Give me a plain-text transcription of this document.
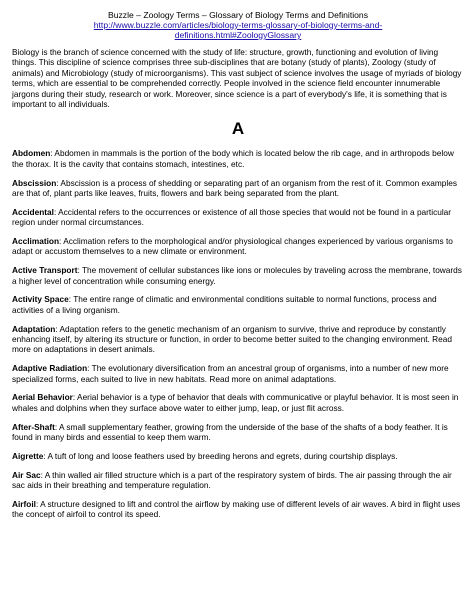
Buzzle – Zoology Terms – Glossary of Biology Terms and Definitions
http://www.buzzle.com/articles/biology-terms-glossary-of-biology-terms-and-
definitions.html#ZoologyGlossary

Biology is the branch of science concerned with the study of life: structure, growth, functioning and evolution of living things. This discipline of science comprises three sub-disciplines that are botany (study of plants), Zoology (study of animals) and Microbiology (study of microorganisms). This vast subject of science involves the usage of myriads of biology terms, which are essential to be comprehended correctly. People involved in the science field encounter innumerable jargons during their study, research or work. Moreover, since science is a part of everybody's life, it is something that is important to all individuals.

A

Abdomen: Abdomen in mammals is the portion of the body which is located below the rib cage, and in arthropods below the thorax. It is the cavity that contains stomach, intestines, etc.

Abscission: Abscission is a process of shedding or separating part of an organism from the rest of it. Common examples are that of, plant parts like leaves, fruits, flowers and bark being separated from the plant.

Accidental: Accidental refers to the occurrences or existence of all those species that would not be found in a particular region under normal circumstances.

Acclimation: Acclimation refers to the morphological and/or physiological changes experienced by various organisms to adapt or accustom themselves to a new climate or environment.

Active Transport: The movement of cellular substances like ions or molecules by traveling across the membrane, towards a higher level of concentration while consuming energy.

Activity Space: The entire range of climatic and environmental conditions suitable to normal functions, process and activities of a living organism.

Adaptation: Adaptation refers to the genetic mechanism of an organism to survive, thrive and reproduce by constantly enhancing itself, by altering its structure or function, in order to become better suited to the changing environment. Read more on adaptations in desert animals.

Adaptive Radiation: The evolutionary diversification from an ancestral group of organisms, into a number of new more specialized forms, each suited to live in new habitats. Read more on animal adaptations.

Aerial Behavior: Aerial behavior is a type of behavior that deals with communicative or playful behavior. It is most seen in whales and dolphins when they surface above water to either jump, leap, or just flit across.

After-Shaft: A small supplementary feather, growing from the underside of the base of the shafts of a body feather. It is found in many birds and essential to keep them warm.

Aigrette: A tuft of long and loose feathers used by breeding herons and egrets, during courtship displays.

Air Sac: A thin walled air filled structure which is a part of the respiratory system of birds. The air passing through the air sac aids in their breathing and temperature regulation.

Airfoil: A structure designed to lift and control the airflow by making use of different levels of air waves. A bird in flight uses the concept of airfoil to control its speed.
